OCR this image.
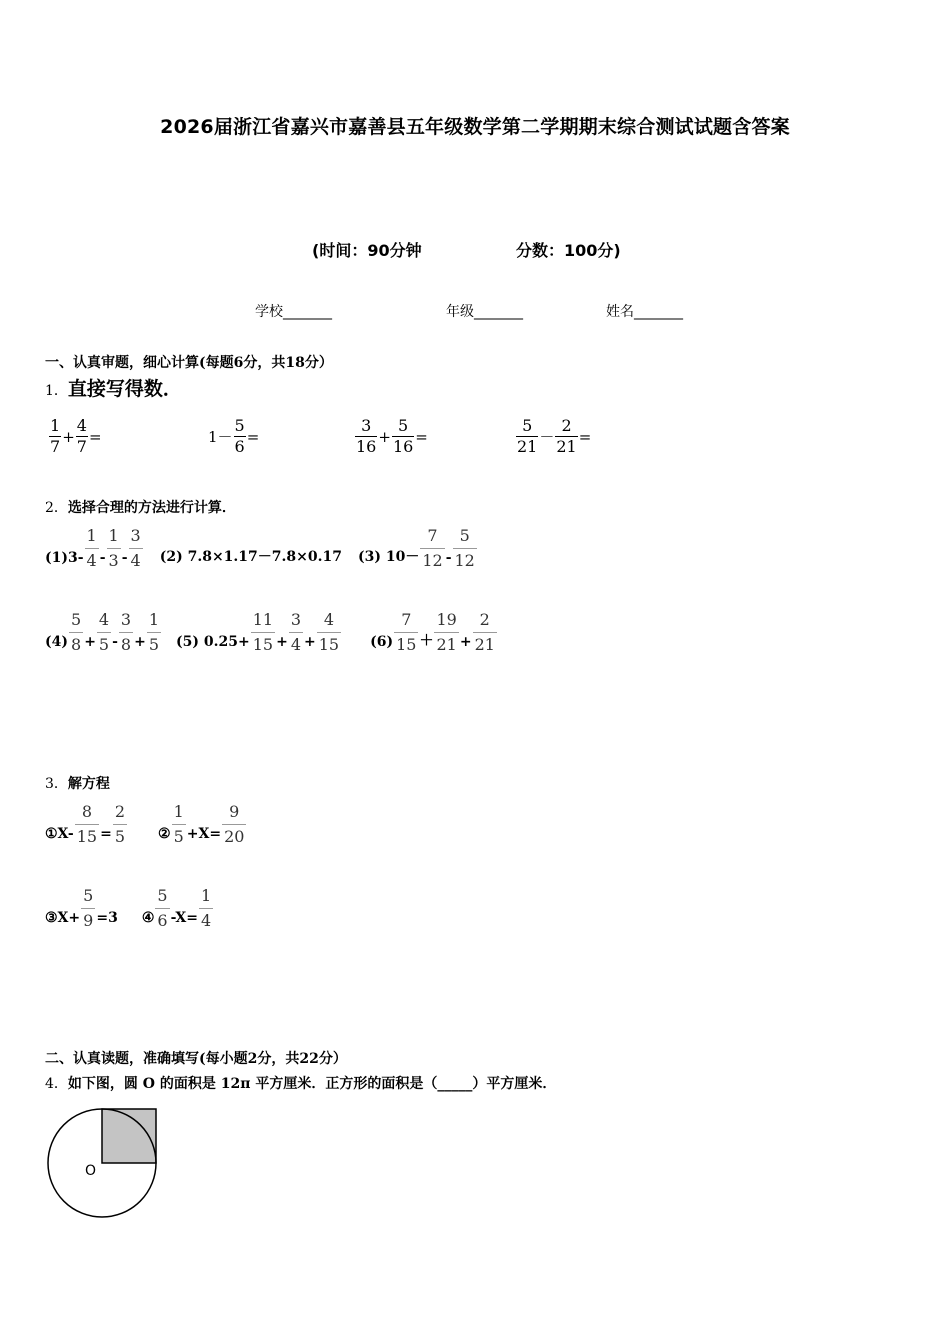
2026届浙江省嘉兴市嘉善县五年级数学第二学期期末综合测试试题含答案
(时间：90分钟	分数：100分)
学校_______	年级_______	姓名_______
一、认真审题，细心计算(每题6分，共18分）
1． 直接写得数．
$\frac{1}{7} + \frac{4}{7}$ =	$1- \frac{5}{6}$ =	$\frac{3}{16} + \frac{5}{16}$ =	$\frac{5}{21} - \frac{2}{21}$ =
2． 选择合理的方法进行计算．
(1)3-
1
4 -
1
3 -
3
4 (2) 7.8×1.17－7.8×0.17 (3) 10－
7
12 -
5
12
(4)
5
$8 + \frac{4}{5}$ -
3
$8 + \frac{1}{5} (5)$ $0.25+ \frac{11}{15} + \frac{3}{4} + \frac{4}{15} (6)$
7
15 ＋
19
$21 + \frac{2}{21}$
3． 解方程
①X- $\frac{8}{15} = \frac{2}{5}$ ②
1
$5 +X= \frac{9}{20}$
③X+ $\frac{5}{9} =3$ ④
5
6 $-X= \frac{1}{4}$
二、认真读题，准确填写(每小题2分，共22分）
4． 如下图，圆 O 的面积是 12π 平方厘米．正方形的面积是（_____）平方厘米．
O
